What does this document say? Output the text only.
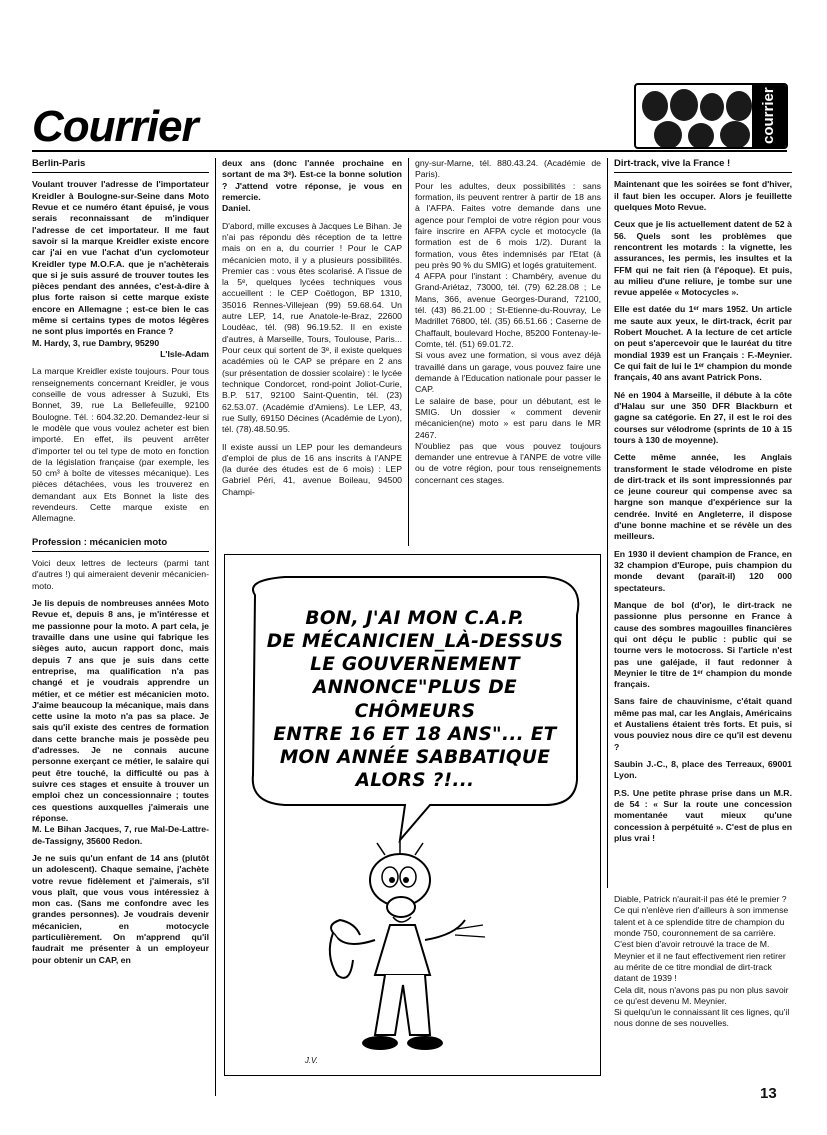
Courrier	courrier
Berlin-Paris

Voulant trouver l'adresse de l'importateur Kreidler à Boulogne-sur-Seine dans Moto Revue et ce numéro étant épuisé, je vous serais reconnaissant de m'indiquer l'adresse de cet importateur. Il me faut savoir si la marque Kreidler existe encore car j'ai en vue l'achat d'un cyclomoteur Kreidler type M.O.F.A. que je n'achèterais que si je suis assuré de trouver toutes les pièces pendant des années, c'est-à-dire à plus forte raison si cette marque existe encore en Allemagne ; est-ce bien le cas même si certains types de motos légères ne sont plus importés en France ?

M. Hardy, 3, rue Dambry, 95290

L'Isle-Adam

La marque Kreidler existe toujours. Pour tous renseignements concernant Kreidler, je vous conseille de vous adresser à Suzuki, Ets Bonnet, 39, rue La Bellefeuille, 92100 Boulogne. Tél. : 604.32.20. Demandez-leur si le modèle que vous voulez acheter est bien importé. En effet, ils peuvent arrêter d'importer tel ou tel type de moto en fonction de la législation française (par exemple, les 50 cm³ à boîte de vitesses mécanique). Les pièces détachées, vous les trouverez en demandant aux Ets Bonnet la liste des revendeurs. Cette marque existe en Allemagne.

Profession : mécanicien moto

Voici deux lettres de lecteurs (parmi tant d'autres !) qui aimeraient devenir mécanicien-moto.

Je lis depuis de nombreuses années Moto Revue et, depuis 8 ans, je m'intéresse et me passionne pour la moto. A part cela, je travaille dans une usine qui fabrique les sièges auto, aucun rapport donc, mais depuis 7 ans que je suis dans cette entreprise, ma qualification n'a pas changé et je voudrais apprendre un métier, et ce métier est mécanicien moto. J'aime beaucoup la mécanique, mais dans cette usine la moto n'a pas sa place. Je sais qu'il existe des centres de formation dans cette branche mais je possède peu d'adresses. Je ne connais aucune personne exerçant ce métier, le salaire qui peut être touché, la difficulté ou pas à suivre ces stages et ensuite à trouver un emploi chez un concessionnaire ; toutes ces questions auxquelles j'aimerais une réponse.

M. Le Bihan Jacques, 7, rue Mal-De-Lattre-de-Tassigny, 35600 Redon.

Je ne suis qu'un enfant de 14 ans (plutôt un adolescent). Chaque semaine, j'achète votre revue fidèlement et j'aimerais, s'il vous plaît, que vous vous intéressiez à mon cas. (Sans me confondre avec les grandes personnes). Je voudrais devenir mécanicien, en motocycle particulièrement. On m'apprend qu'il faudrait me présenter à un employeur pour obtenir un CAP, en

deux ans (donc l'année prochaine en sortant de ma 3ᵉ). Est-ce la bonne solution ? J'attend votre réponse, je vous en remercie.

Daniel.

D'abord, mille excuses à Jacques Le Bihan. Je n'ai pas répondu dès réception de ta lettre mais on en a, du courrier ! Pour le CAP mécanicien moto, il y a plusieurs possibilités. Premier cas : vous êtes scolarisé. A l'issue de la 5ᵉ, quelques lycées techniques vous accueillent : le CEP Coëtlogon, BP 1310, 35016 Rennes-Villejean (99) 59.68.64. Un autre LEP, 14, rue Anatole-le-Braz, 22600 Loudéac, tél. (98) 96.19.52. Il en existe d'autres, à Marseille, Tours, Toulouse, Paris... Pour ceux qui sortent de 3ᵉ, il existe quelques académies où le CAP se prépare en 2 ans (sur présentation de dossier scolaire) : le lycée technique Condorcet, rond-point Joliot-Curie, B.P. 517, 92100 Saint-Quentin, tél. (23) 62.53.07. (Académie d'Amiens). Le LEP, 43, rue Sully, 69150 Décines (Académie de Lyon), tél. (78).48.50.95.

Il existe aussi un LEP pour les demandeurs d'emploi de plus de 16 ans inscrits à l'ANPE (la durée des études est de 6 mois) : LEP Gabriel Péri, 41, avenue Boileau, 94500 Champi-

gny-sur-Marne, tél. 880.43.24. (Académie de Paris).

Pour les adultes, deux possibilités : sans formation, ils peuvent rentrer à partir de 18 ans à l'AFPA. Faites votre demande dans une agence pour l'emploi de votre région pour vous faire inscrire en AFPA cycle et motocycle (la formation est de 6 mois 1/2). Durant la formation, vous êtes indemnisés par l'Etat (à peu près 90 % du SMIG) et logés gratuitement.

4 AFPA pour l'instant : Chambéry, avenue du Grand-Ariétaz, 73000, tél. (79) 62.28.08 ; Le Mans, 366, avenue Georges-Durand, 72100, tél. (43) 86.21.00 ; St-Etienne-du-Rouvray, Le Madrillet 76800, tél. (35) 66.51.66 ; Caserne de Chaffault, boulevard Hoche, 85200 Fontenay-le-Comte, tél. (51) 69.01.72.

Si vous avez une formation, si vous avez déjà travaillé dans un garage, vous pouvez faire une demande à l'Education nationale pour passer le CAP.

Le salaire de base, pour un débutant, est le SMIG. Un dossier « comment devenir mécanicien(ne) moto » est paru dans le MR 2467.

N'oubliez pas que vous pouvez toujours demander une entrevue à l'ANPE de votre ville ou de votre région, pour tous renseignements concernant ces stages.

Dirt-track, vive la France !

Maintenant que les soirées se font d'hiver, il faut bien les occuper. Alors je feuillette quelques Moto Revue.

Ceux que je lis actuellement datent de 52 à 56. Quels sont les problèmes que rencontrent les motards : la vignette, les assurances, les permis, les insultes et la FFM qui ne fait rien (à l'époque). Et puis, au milieu d'une reliure, je tombe sur une revue appelée « Motocycles ».

Elle est datée du 1ᵉʳ mars 1952. Un article me saute aux yeux, le dirt-track, écrit par Robert Mouchet. A la lecture de cet article on peut s'apercevoir que le lauréat du titre mondial 1939 est un Français : F.-Meynier. Ce qui fait de lui le 1ᵉʳ champion du monde français, 40 ans avant Patrick Pons.

Né en 1904 à Marseille, il débute à la côte d'Halau sur une 350 DFR Blackburn et gagne sa catégorie. En 27, il est le roi des courses sur vélodrome (sprints de 10 à 15 tours à 130 de moyenne).

Cette même année, les Anglais transforment le stade vélodrome en piste de dirt-track et ils sont impressionnés par ce jeune coureur qui compense avec sa hargne son manque d'expérience sur la cendrée. Invité en Angleterre, il dispose d'une bonne machine et se révèle un des meilleurs.

En 1930 il devient champion de France, en 32 champion d'Europe, puis champion du monde devant (paraît-il) 120 000 spectateurs.

Manque de bol (d'or), le dirt-track ne passionne plus personne en France à cause des sombres magouilles financières qui ont déçu le public : public qui se tourne vers le motocross. Si l'article n'est pas une galéjade, il faut redonner à Meynier le titre de 1ᵉʳ champion du monde français.

Sans faire de chauvinisme, c'était quand même pas mal, car les Anglais, Américains et Austaliens étaient très forts. Et puis, si vous pouviez nous dire ce qu'il est devenu ?

Saubin J.-C., 8, place des Terreaux, 69001 Lyon.

P.S. Une petite phrase prise dans un M.R. de 54 : « Sur la route une concession momentanée vaut mieux qu'une concession à perpétuité ». C'est de plus en plus vrai !

Diable, Patrick n'aurait-il pas été le premier ?
Ce qui n'enlève rien d'ailleurs à son immense talent et à ce splendide titre de champion du monde 750, couronnement de sa carrière.
C'est bien d'avoir retrouvé la trace de M. Meynier et il ne faut effectivement rien retirer au mérite de ce titre mondial de dirt-track datant de 1939 !
Cela dit, nous n'avons pas pu non plus savoir ce qu'est devenu M. Meynier.
Si quelqu'un le connaissant lit ces lignes, qu'il nous donne de ses nouvelles.
BON, J'AI MON C.A.P.
DE MÉCANICIEN_LÀ-DESSUS
LE GOUVERNEMENT
ANNONCE"PLUS DE CHÔMEURS
ENTRE 16 ET 18 ANS"... ET
MON ANNÉE SABBATIQUE
ALORS ?!...
J.V.
13
